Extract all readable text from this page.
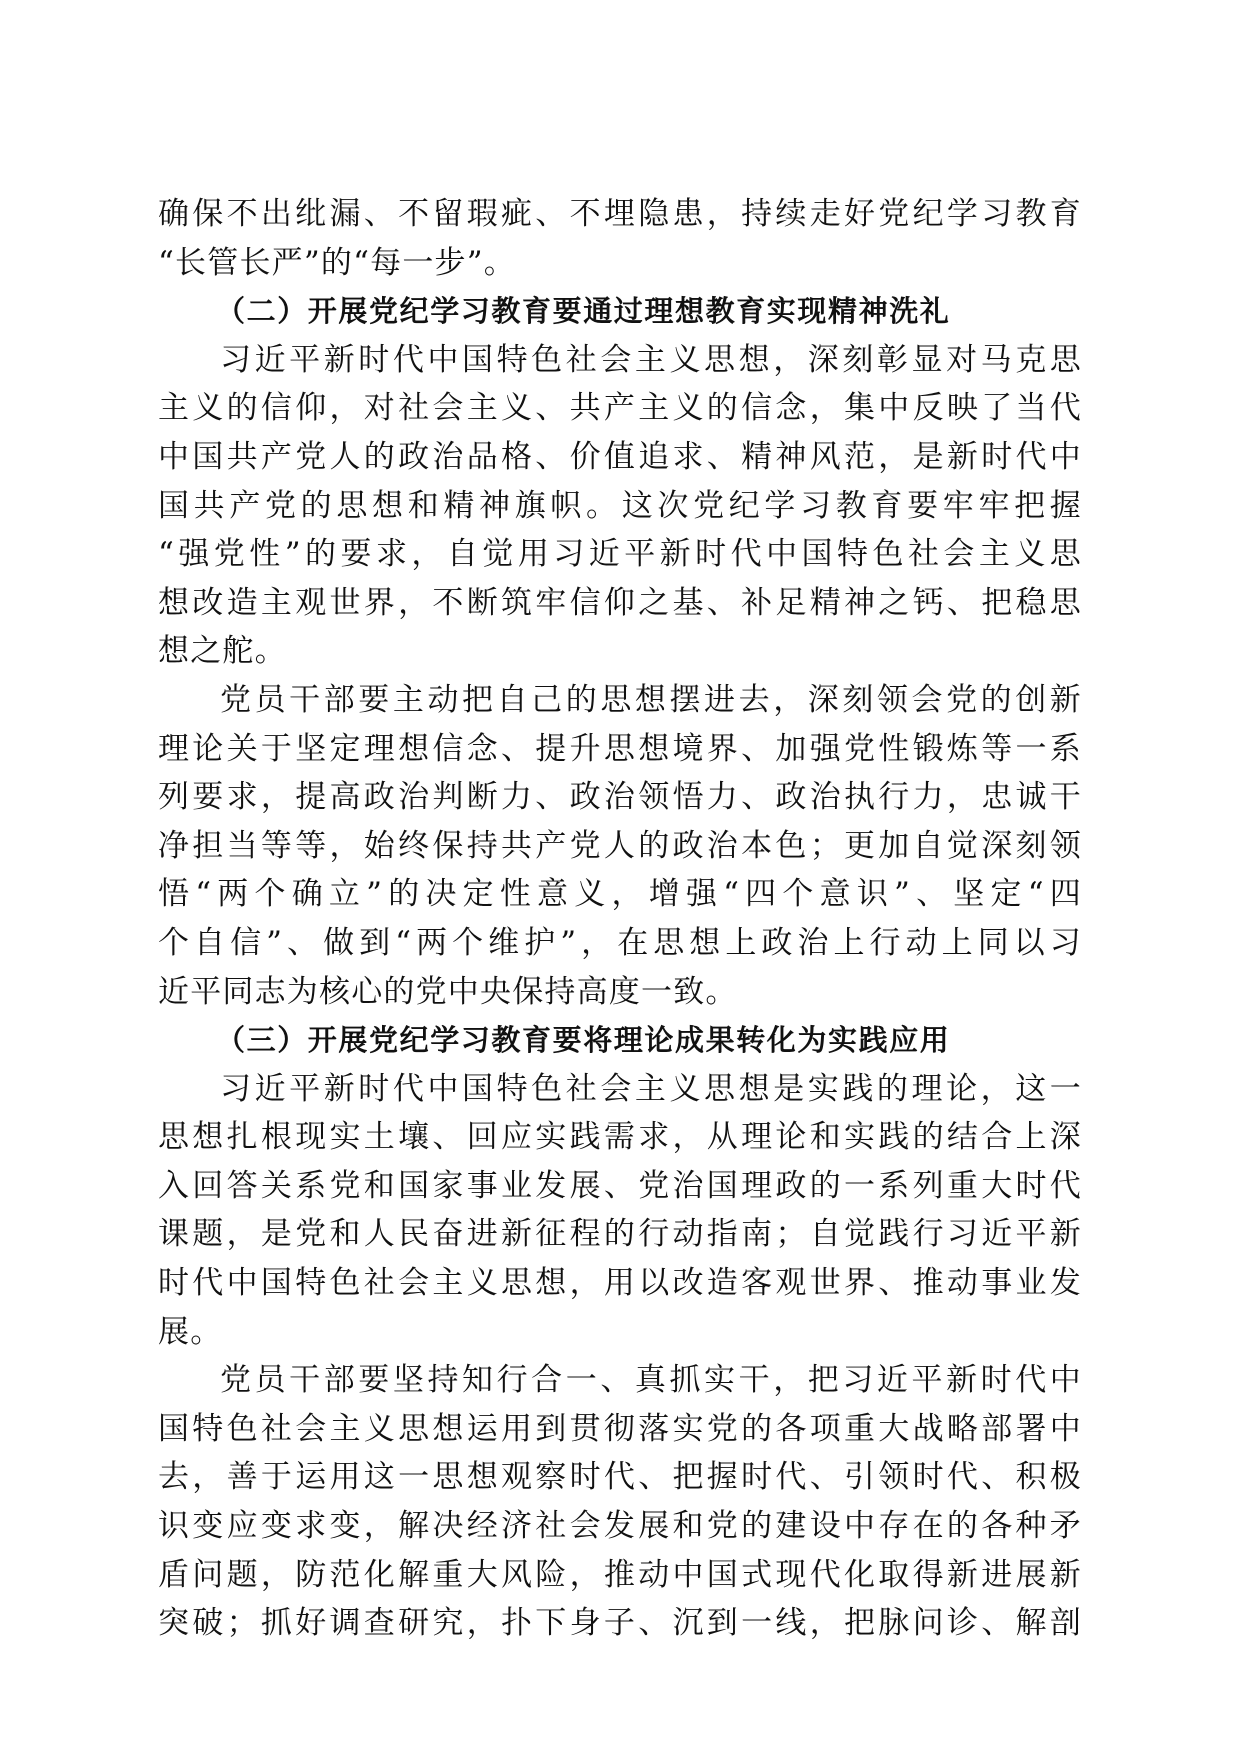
确保不出纰漏、不留瑕疵、不埋隐患，持续走好党纪学习教育
“长管长严”的“每一步”。

（二）开展党纪学习教育要通过理想教育实现精神洗礼

习近平新时代中国特色社会主义思想，深刻彰显对马克思
主义的信仰，对社会主义、共产主义的信念，集中反映了当代
中国共产党人的政治品格、价值追求、精神风范，是新时代中
国共产党的思想和精神旗帜。这次党纪学习教育要牢牢把握
“强党性”的要求，自觉用习近平新时代中国特色社会主义思
想改造主观世界，不断筑牢信仰之基、补足精神之钙、把稳思
想之舵。

党员干部要主动把自己的思想摆进去，深刻领会党的创新
理论关于坚定理想信念、提升思想境界、加强党性锻炼等一系
列要求，提高政治判断力、政治领悟力、政治执行力，忠诚干
净担当等等，始终保持共产党人的政治本色；更加自觉深刻领
悟“两个确立”的决定性意义，增强“四个意识”、坚定“四
个自信”、做到“两个维护”，在思想上政治上行动上同以习
近平同志为核心的党中央保持高度一致。

（三）开展党纪学习教育要将理论成果转化为实践应用

习近平新时代中国特色社会主义思想是实践的理论，这一
思想扎根现实土壤、回应实践需求，从理论和实践的结合上深
入回答关系党和国家事业发展、党治国理政的一系列重大时代
课题，是党和人民奋进新征程的行动指南；自觉践行习近平新
时代中国特色社会主义思想，用以改造客观世界、推动事业发
展。

党员干部要坚持知行合一、真抓实干，把习近平新时代中
国特色社会主义思想运用到贯彻落实党的各项重大战略部署中
去，善于运用这一思想观察时代、把握时代、引领时代、积极
识变应变求变，解决经济社会发展和党的建设中存在的各种矛
盾问题，防范化解重大风险，推动中国式现代化取得新进展新
突破；抓好调查研究，扑下身子、沉到一线，把脉问诊、解剖
